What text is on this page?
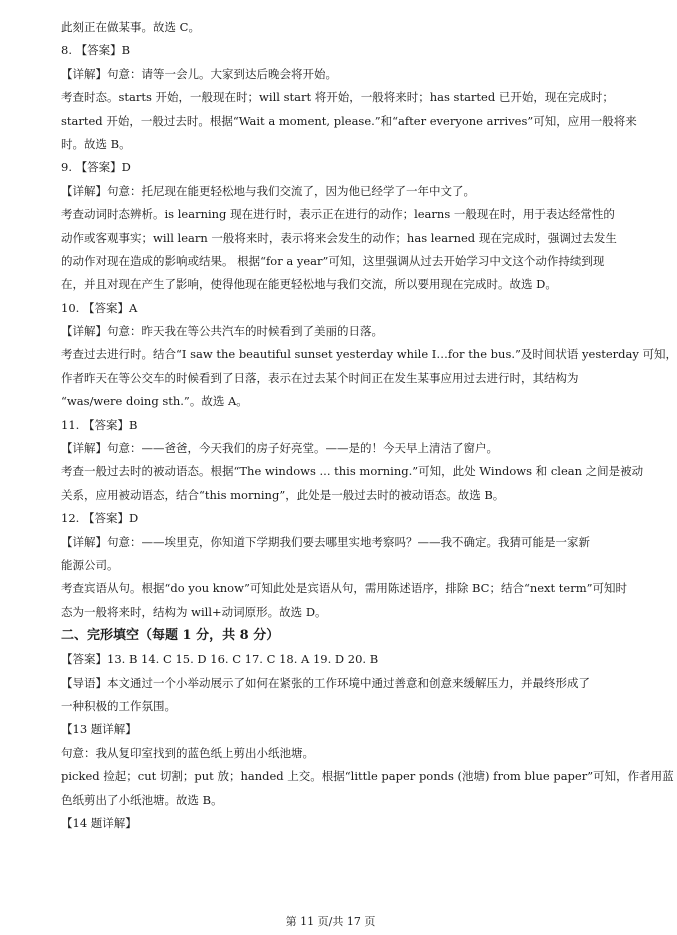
此刻正在做某事。故选 C。
8. 【答案】B
【详解】句意：请等一会儿。大家到达后晚会将开始。
考查时态。starts 开始，一般现在时；will start 将开始，一般将来时；has started 已开始，现在完成时；
started 开始，一般过去时。根据“Wait a moment, please.”和“after everyone arrives”可知，应用一般将来
时。故选 B。
9. 【答案】D
【详解】句意：托尼现在能更轻松地与我们交流了，因为他已经学了一年中文了。
考查动词时态辨析。is learning 现在进行时，表示正在进行的动作；learns 一般现在时，用于表达经常性的
动作或客观事实；will learn 一般将来时，表示将来会发生的动作；has learned 现在完成时，强调过去发生
的动作对现在造成的影响或结果。 根据“for a year”可知，这里强调从过去开始学习中文这个动作持续到现
在，并且对现在产生了影响，使得他现在能更轻松地与我们交流，所以要用现在完成时。故选 D。
10. 【答案】A
【详解】句意：昨天我在等公共汽车的时候看到了美丽的日落。
考查过去进行时。结合“I saw the beautiful sunset yesterday while I…for the bus.”及时间状语 yesterday 可知，
作者昨天在等公交车的时候看到了日落，表示在过去某个时间正在发生某事应用过去进行时，其结构为
“was/were doing sth.”。故选 A。
11. 【答案】B
【详解】句意：——爸爸，今天我们的房子好亮堂。——是的！今天早上清洁了窗户。
考查一般过去时的被动语态。根据“The windows ... this morning.”可知，此处 Windows 和 clean 之间是被动
关系，应用被动语态，结合“this morning”，此处是一般过去时的被动语态。故选 B。
12. 【答案】D
【详解】句意：——埃里克，你知道下学期我们要去哪里实地考察吗？——我不确定。我猜可能是一家新
能源公司。
考查宾语从句。根据“do you know”可知此处是宾语从句，需用陈述语序，排除 BC；结合“next term”可知时
态为一般将来时，结构为 will+动词原形。故选 D。
二、完形填空（每题 1 分，共 8 分）
【答案】13. B 14. C 15. D 16. C 17. C 18. A 19. D 20. B
【导语】本文通过一个小举动展示了如何在紧张的工作环境中通过善意和创意来缓解压力，并最终形成了
一种积极的工作氛围。
【13 题详解】
句意：我从复印室找到的蓝色纸上剪出小纸池塘。
picked 捡起；cut 切割；put 放；handed 上交。根据“little paper ponds (池塘) from blue paper”可知，作者用蓝
色纸剪出了小纸池塘。故选 B。
【14 题详解】
第 11 页/共 17 页
